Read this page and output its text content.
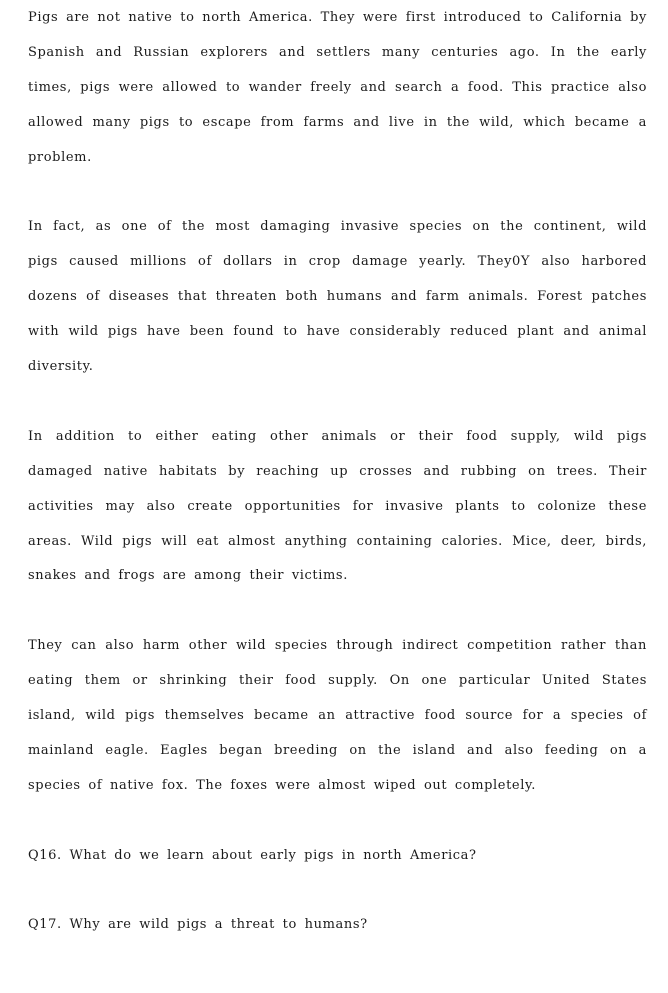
Pigs are not native to north America. They were first introduced to California by Spanish and Russian explorers and settlers many centuries ago. In the early times, pigs were allowed to wander freely and search a food. This practice also allowed many pigs to escape from farms and live in the wild, which became a problem.

In fact, as one of the most damaging invasive species on the continent, wild pigs caused millions of dollars in crop damage yearly. They0Y also harbored dozens of diseases that threaten both humans and farm animals. Forest patches with wild pigs have been found to have considerably reduced plant and animal diversity.

In addition to either eating other animals or their food supply, wild pigs damaged native habitats by reaching up crosses and rubbing on trees. Their activities may also create opportunities for invasive plants to colonize these areas. Wild pigs will eat almost anything containing calories. Mice, deer, birds, snakes and frogs are among their victims.

They can also harm other wild species through indirect competition rather than eating them or shrinking their food supply. On one particular United States island, wild pigs themselves became an attractive food source for a species of mainland eagle. Eagles began breeding on the island and also feeding on a species of native fox. The foxes were almost wiped out completely.

Q16. What do we learn about early pigs in north America?

Q17. Why are wild pigs a threat to humans?
